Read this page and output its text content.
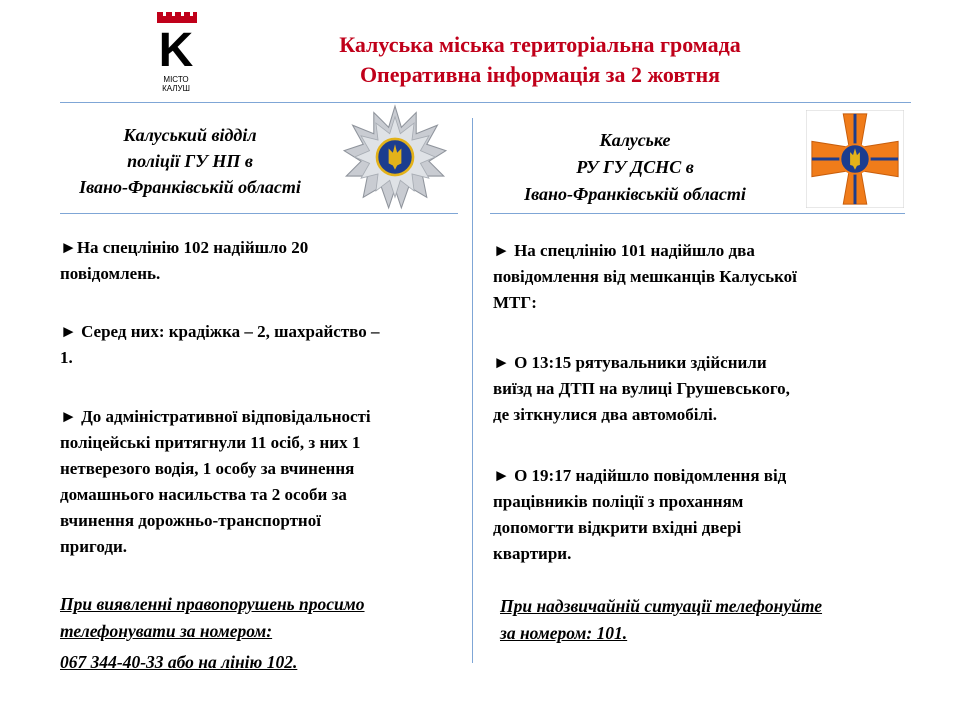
K
МІСТО
КАЛУШ
Калуська міська територіальна громада
Оперативна інформація за 2 жовтня
Калуський відділ
поліції ГУ НП в
Івано-Франківській області
Калуське
РУ ГУ ДСНС в
Івано-Франківській області
►На спецлінію 102 надійшло 20
повідомлень.
► Серед них: крадіжка – 2, шахрайство –
1.
► До адміністративної відповідальності
поліцейські притягнули 11 осіб, з них 1
нетверезого водія, 1 особу за вчинення
домашнього насильства та 2 особи за
вчинення дорожньо-транспортної
пригоди.
При виявленні правопорушень просимо
телефонувати за номером:
067 344-40-33 або на лінію 102.
► На спецлінію 101 надійшло два
повідомлення від мешканців Калуської
МТГ:
► О 13:15 рятувальники здійснили
виїзд на ДТП на вулиці Грушевського,
де зіткнулися два автомобілі.
► О 19:17 надійшло повідомлення від
працівників поліції з проханням
допомогти відкрити вхідні двері
квартири.
При надзвичайній ситуації телефонуйте
за номером: 101.
